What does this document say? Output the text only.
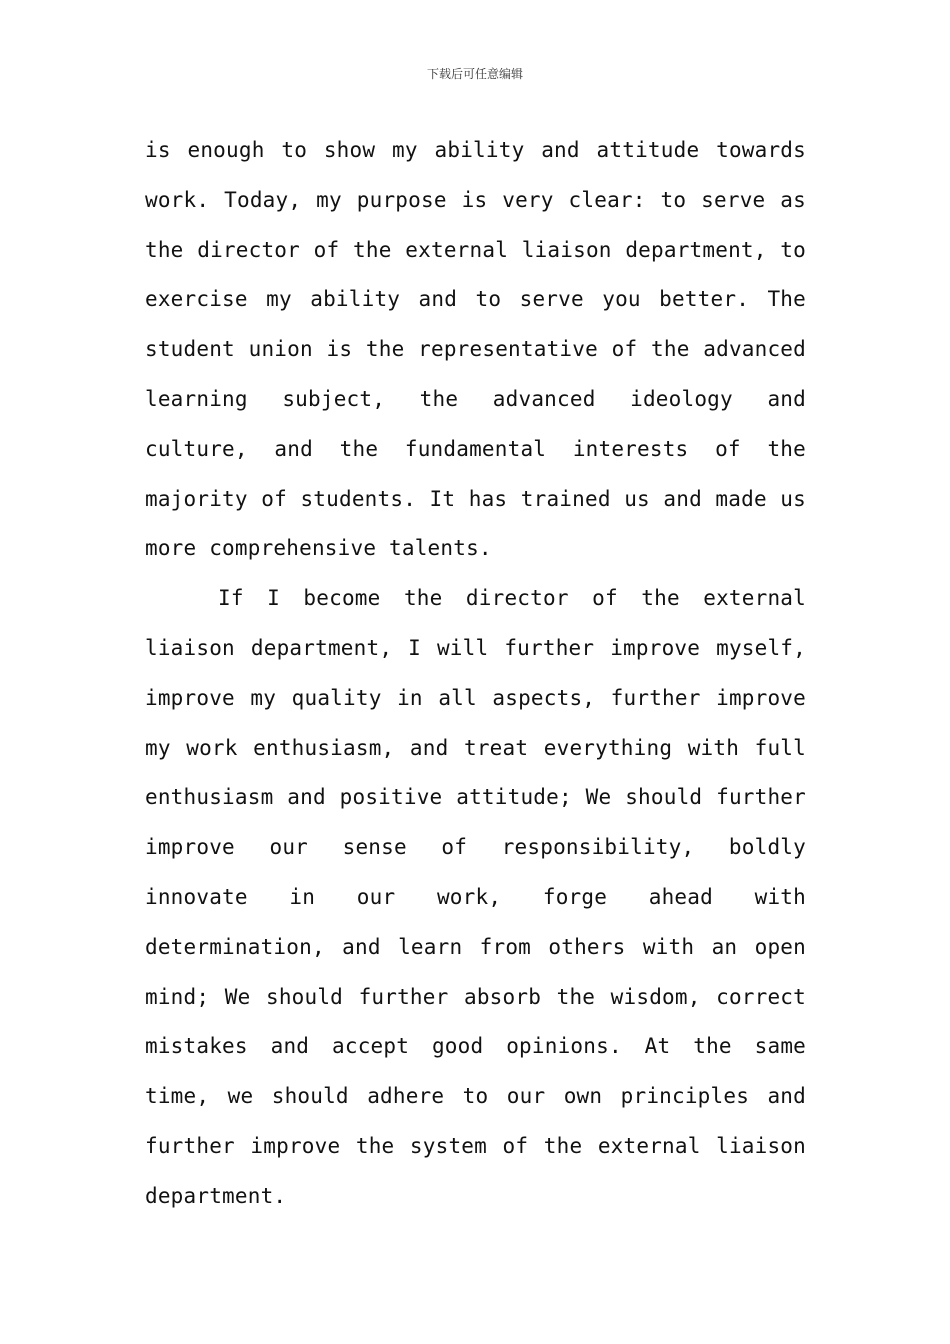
下载后可任意编辑

is enough to show my ability and attitude towards work. Today, my purpose is very clear: to serve as the director of the external liaison department, to exercise my ability and to serve you better. The student union is the representative of the advanced learning subject, the advanced ideology and culture, and the fundamental interests of the majority of students. It has trained us and made us more comprehensive talents.

If I become the director of the external liaison department, I will further improve myself, improve my quality in all aspects, further improve my work enthusiasm, and treat everything with full enthusiasm and positive attitude; We should further improve our sense of responsibility, boldly innovate in our work, forge ahead with determination, and learn from others with an open mind; We should further absorb the wisdom, correct mistakes and accept good opinions. At the same time, we should adhere to our own principles and further improve the system of the external liaison department.
